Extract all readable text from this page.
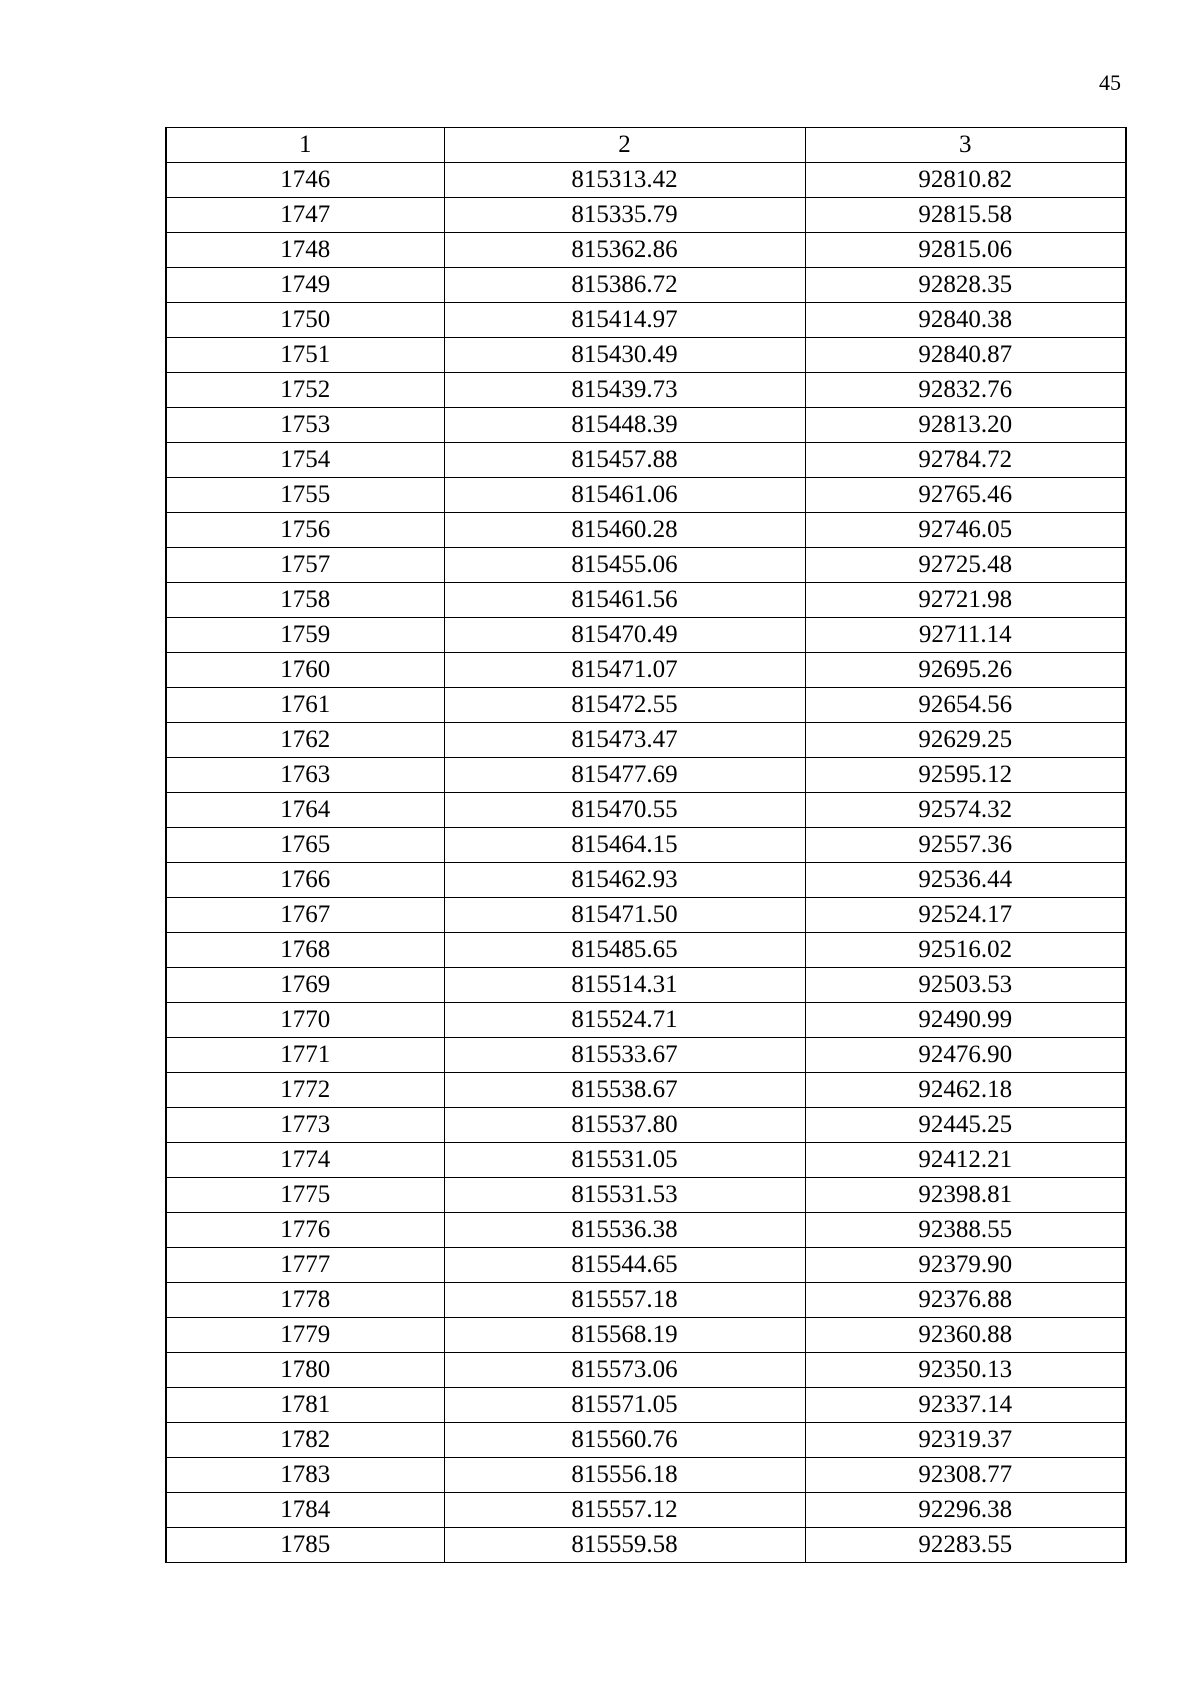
45
1	2	3
1746	815313.42	92810.82
1747	815335.79	92815.58
1748	815362.86	92815.06
1749	815386.72	92828.35
1750	815414.97	92840.38
1751	815430.49	92840.87
1752	815439.73	92832.76
1753	815448.39	92813.20
1754	815457.88	92784.72
1755	815461.06	92765.46
1756	815460.28	92746.05
1757	815455.06	92725.48
1758	815461.56	92721.98
1759	815470.49	92711.14
1760	815471.07	92695.26
1761	815472.55	92654.56
1762	815473.47	92629.25
1763	815477.69	92595.12
1764	815470.55	92574.32
1765	815464.15	92557.36
1766	815462.93	92536.44
1767	815471.50	92524.17
1768	815485.65	92516.02
1769	815514.31	92503.53
1770	815524.71	92490.99
1771	815533.67	92476.90
1772	815538.67	92462.18
1773	815537.80	92445.25
1774	815531.05	92412.21
1775	815531.53	92398.81
1776	815536.38	92388.55
1777	815544.65	92379.90
1778	815557.18	92376.88
1779	815568.19	92360.88
1780	815573.06	92350.13
1781	815571.05	92337.14
1782	815560.76	92319.37
1783	815556.18	92308.77
1784	815557.12	92296.38
1785	815559.58	92283.55
